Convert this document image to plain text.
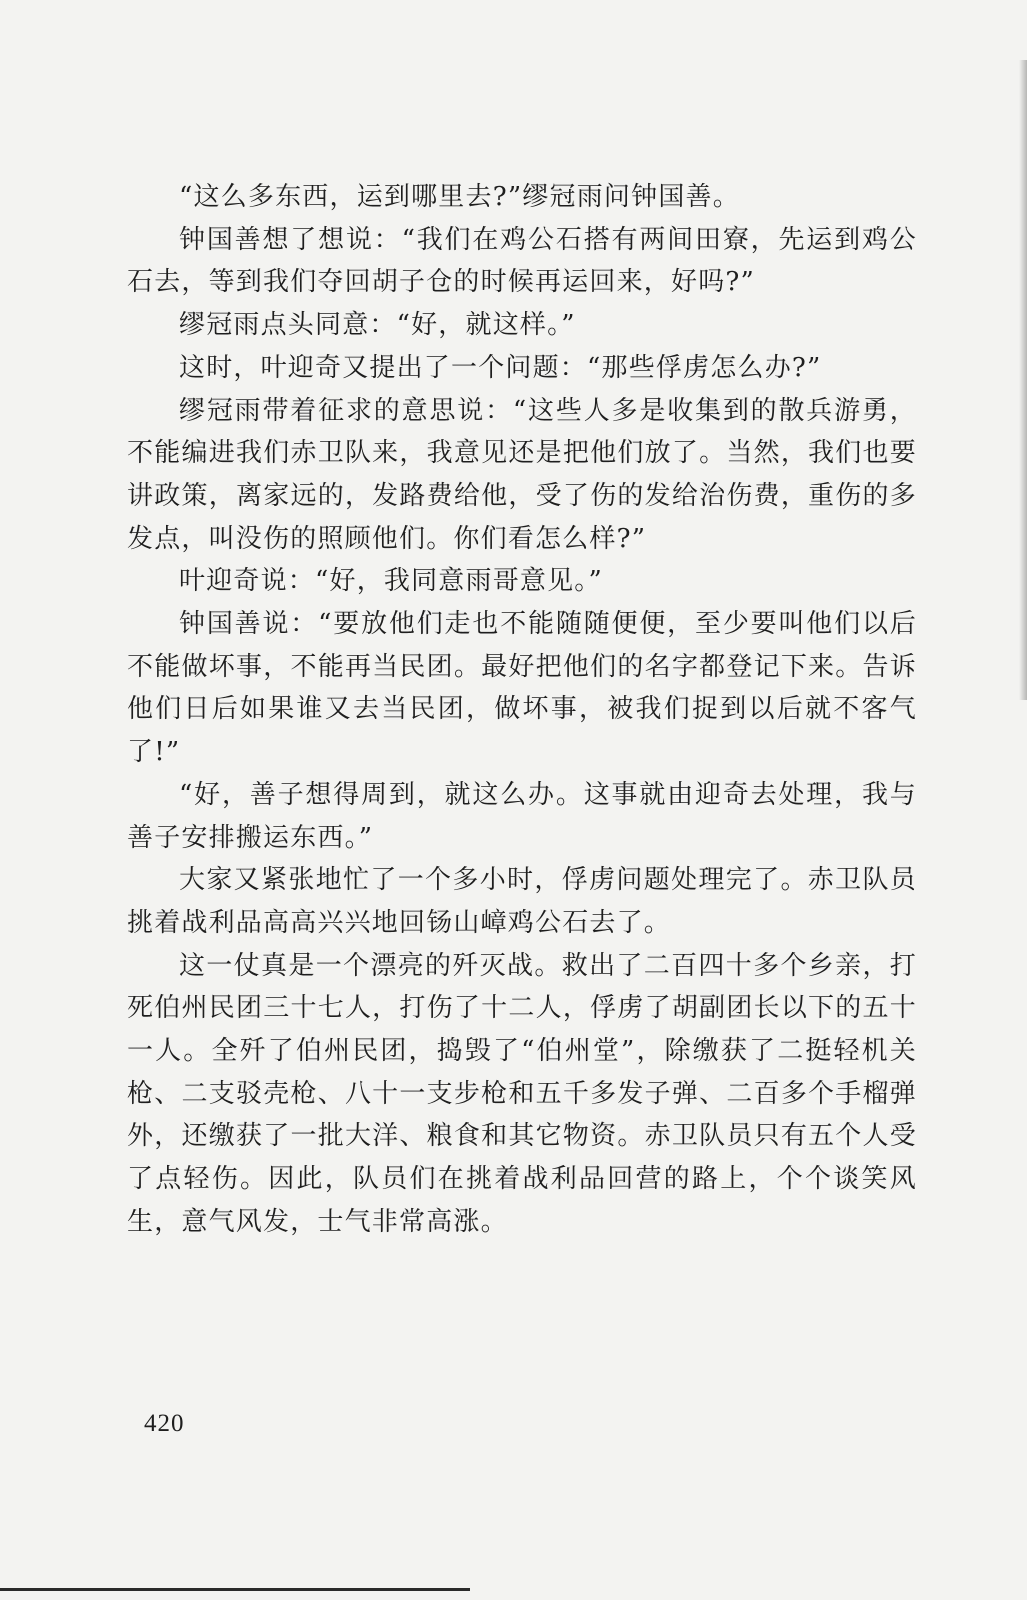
“这么多东西，运到哪里去?”缪冠雨问钟国善。

钟国善想了想说：“我们在鸡公石搭有两间田寮，先运到鸡公石去，等到我们夺回胡子仓的时候再运回来，好吗?”

缪冠雨点头同意：“好，就这样。”

这时，叶迎奇又提出了一个问题：“那些俘虏怎么办?”

缪冠雨带着征求的意思说：“这些人多是收集到的散兵游勇，不能编进我们赤卫队来，我意见还是把他们放了。当然，我们也要讲政策，离家远的，发路费给他，受了伤的发给治伤费，重伤的多发点，叫没伤的照顾他们。你们看怎么样?”

叶迎奇说：“好，我同意雨哥意见。”

钟国善说：“要放他们走也不能随随便便，至少要叫他们以后不能做坏事，不能再当民团。最好把他们的名字都登记下来。告诉他们日后如果谁又去当民团，做坏事，被我们捉到以后就不客气了!”

“好，善子想得周到，就这么办。这事就由迎奇去处理，我与善子安排搬运东西。”

大家又紧张地忙了一个多小时，俘虏问题处理完了。赤卫队员挑着战利品高高兴兴地回钖山嶂鸡公石去了。

这一仗真是一个漂亮的歼灭战。救出了二百四十多个乡亲，打死伯州民团三十七人，打伤了十二人，俘虏了胡副团长以下的五十一人。全歼了伯州民团，捣毁了“伯州堂”，除缴获了二挺轻机关枪、二支驳壳枪、八十一支步枪和五千多发子弹、二百多个手榴弹外，还缴获了一批大洋、粮食和其它物资。赤卫队员只有五个人受了点轻伤。因此，队员们在挑着战利品回营的路上，个个谈笑风生，意气风发，士气非常高涨。

420
